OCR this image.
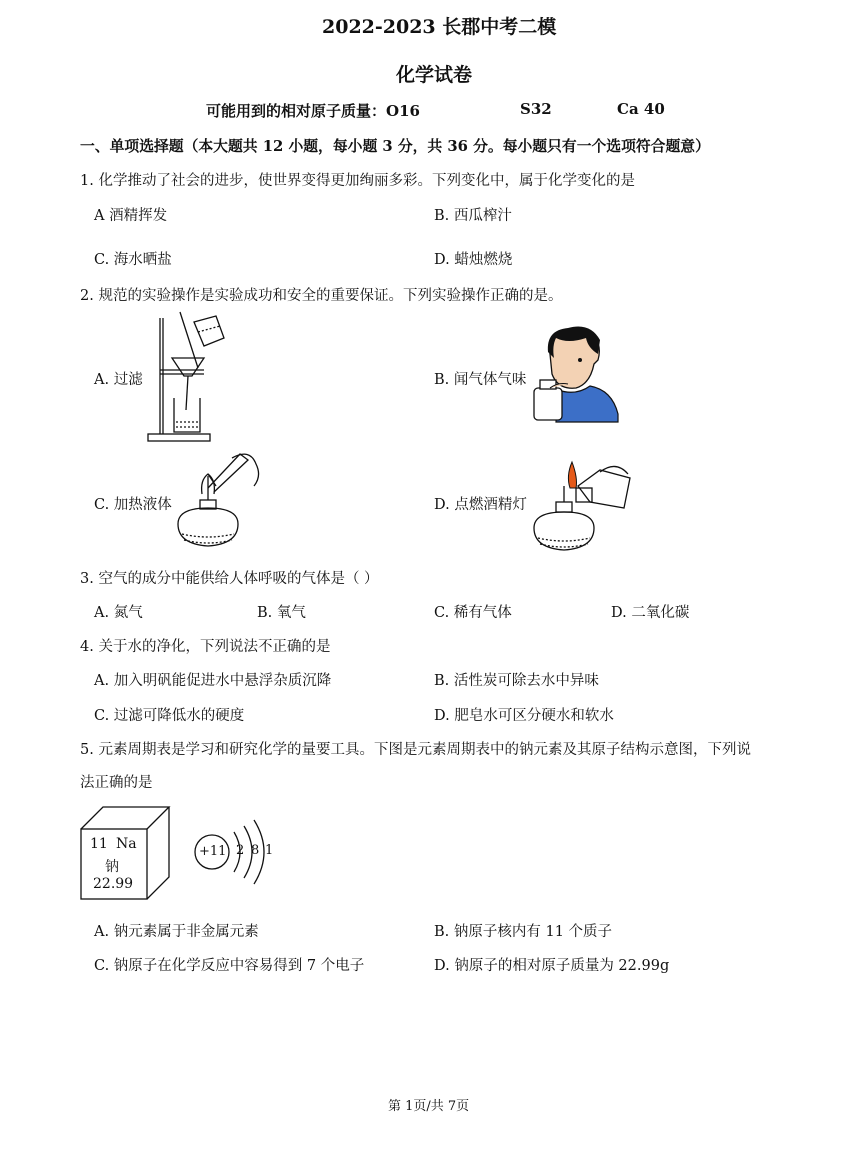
2022-2023 长郡中考二模
化学试卷
可能用到的相对原子质量：O16	S32	Ca 40
一、单项选择题（本大题共 12 小题，每小题 3 分，共 36 分。每小题只有一个选项符合题意）
1. 化学推动了社会的进步，使世界变得更加绚丽多彩。下列变化中，属于化学变化的是
A 酒精挥发	B. 西瓜榨汁
C. 海水晒盐	D. 蜡烛燃烧
2. 规范的实验操作是实验成功和安全的重要保证。下列实验操作正确的是。
A. 过滤	B. 闻气体气味
C. 加热液体	D. 点燃酒精灯
3. 空气的成分中能供给人体呼吸的气体是（ ）
A. 氮气	B. 氧气	C. 稀有气体	D. 二氧化碳
4. 关于水的净化，下列说法不正确的是
A. 加入明矾能促进水中悬浮杂质沉降	B. 活性炭可除去水中异味
C. 过滤可降低水的硬度	D. 肥皂水可区分硬水和软水
5. 元素周期表是学习和研究化学的量要工具。下图是元素周期表中的钠元素及其原子结构示意图，下列说
法正确的是
11 Na
钠
22.99
+11 2 8 1
A. 钠元素属于非金属元素	B. 钠原子核内有 11 个质子
C. 钠原子在化学反应中容易得到 7 个电子	D. 钠原子的相对原子质量为 22.99g
第 1页/共 7页
